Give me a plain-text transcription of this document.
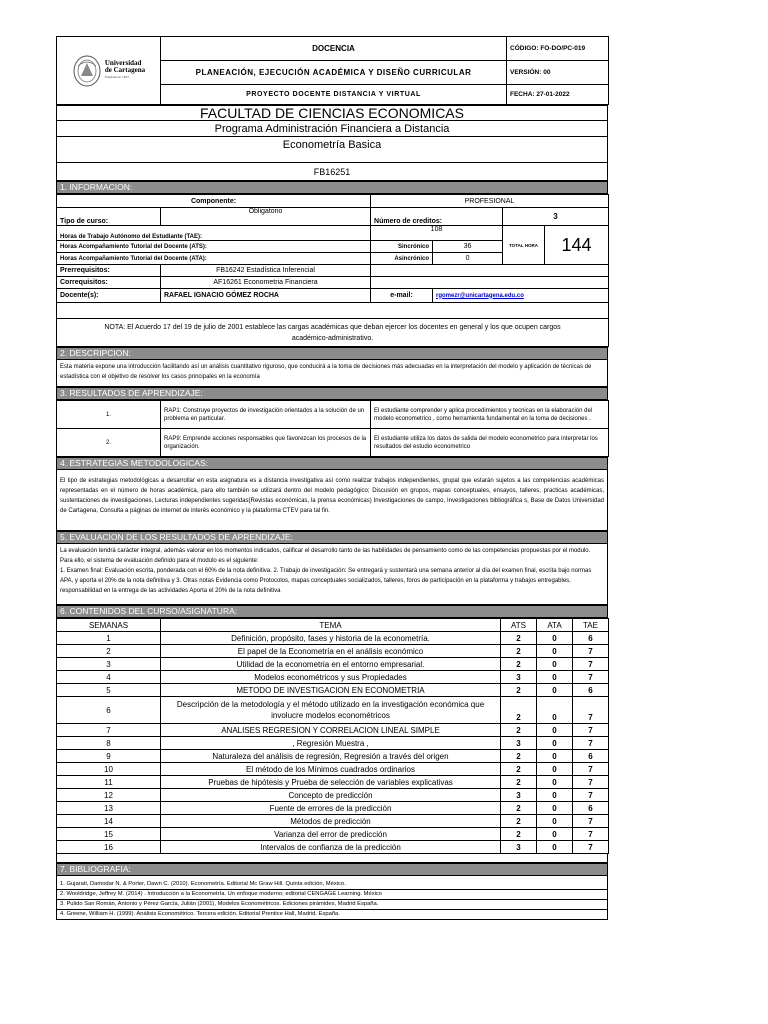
Universidad
de Cartagena
Fundada en 1827	DOCENCIA	CÓDIGO: FO-DO/PC-019
	PLANEACIÓN, EJECUCIÓN ACADÉMICA Y DISEÑO CURRICULAR	VERSIÓN: 00
	PROYECTO DOCENTE DISTANCIA Y VIRTUAL	FECHA: 27-01-2022
FACULTAD DE CIENCIAS ECONOMICAS
Programa Administración Financiera a Distancia
Econometría Basica
FB16251
1. INFORMACION:
Componente:		PROFESIONAL			
Tipo de curso:	Obligatorio	Número de creditos:		3	
Horas de Trabajo Autónomo del Estudiante (TAE):		108		TOTAL HORA	144
Horas Acompañamiento Tutorial del Docente (ATS):		Sincrónico	36		
Horas Acompañamiento Tutorial del Docente (ATA):		Asincrónico	0		
Prerrequisitos:	FB16242 Estadística Inferencial				
Correquisitos:	AF16261 Econometria Financiera				
Docente(s):	RAFAEL IGNACIO GÓMEZ ROCHA	e-mail:	rgomezr@unicartagena.edu.co		

NOTA: El Acuerdo 17 del 19 de julio de 2001 establece las cargas académicas que deban ejercer los docentes en general y los que ocupen cargos académico-administrativo.					
2. DESCRIPCION:
Esta materia expone una introducción facilitando así un análisis cuantitativo riguroso, que conducirá a la toma de decisiones más adecuadas en la interpretación del modelo y aplicación de técnicas de estadística con el objetivo de resolver los casos principales en la economía
3. RESULTADOS DE APRENDIZAJE:
1.	RAP1: Construye proyectos de investigación orientados a la solución de un problema en particular.	El estudiante comprender y aplica procedimientos y tecnicas en la elaboración del modelo econometrico , como herramienta fundamental en la toma de decisiones .
2.	RAP9: Emprende acciones responsables que favorezcan los procesos de la organización.	El estudiante utiliza los datos de salida del modelo econometrico para interpretar los resultados del estudio econometrico
4. ESTRATEGIAS METODOLOGICAS:
El tipo de estrategias metodológicas a desarrollar en esta asignatura es a distancia investigativa así como realizar trabajos independientes, grupal que estarán sujetos a las competencias académicas representadas en el número de horas académica, para ello también se utilizará dentro del modelo pedagógico; Discusión en grupos, mapas conceptuales, ensayos, talleres, practicas académicas, sustentaciones de investigaciones, Lecturas independientes sugeridas(Revistas económicas, la prensa económicas) Investigaciones de campo, Investigaciones bibliográfica s, Base de Datos Universidad de Cartagena, Consulta a páginas de internet de interés económico y la plataforma CTEV para tal fin.
5. EVALUACION DE LOS RESULTADOS DE APRENDIZAJE:
La evaluación tendrá carácter integral, además valorar en los momentos indicados, calificar el desarrollo tanto de las habilidades de pensamiento como de las competencias propuestas por el modulo. Para ello, el sistema de evaluación definido para el modulo es el siguiente:
1. Examen final: Evaluación escrita, ponderada con el 60% de la nota definitiva. 2. Trabajo de investigación: Se entregará y sustentará una semana anterior al día del examen final, escrita bajo normas APA, y aporta el 20% de la nota definitiva y 3. Otras notas Evidencia como Protocolos, mapas conceptuales socializados, talleres, foros de participación en la plataforma y trabajos entregables, responsabilidad en la entrega de las actividades Aporta el 20% de la nota definitiva
6. CONTENIDOS DEL CURSO/ASIGNATURA:
SEMANAS	TEMA	ATS	ATA	TAE
1	Definición, propósito, fases y historia de la econometría.	2	0	6
2	El papel de la Econometría en el análisis económico	2	0	7
3	Utilidad de la econometria en el entorno empresarial.	2	0	7
4	Modelos econométricos y sus Propiedades	3	0	7
5	METODO DE INVESTIGACION EN ECONOMETRIA	2	0	6
6	Descripción de la metodología y el método utilizado en la investigación económica que involucre modelos econométricos	2	0	7
7	ANALISES REGRESION Y CORRELACION LINEAL SIMPLE	2	0	7
8	, Regresión Muestra ,	3	0	7
9	Naturaleza del análisis de regresión, Regresión a través del origen	2	0	6
10	El método de los Mínimos cuadrados ordinarios	2	0	7
11	Pruebas de hipótesis y Prueba de selección de variables explicativas	2	0	7
12	Concepto de predicción	3	0	7
13	Fuente de errores de la predicción	2	0	6
14	Métodos de predicción	2	0	7
15	Varianza del error de predicción	2	0	7
16	Intervalos de confianza de la predicción	3	0	7
7. BIBLIOGRAFIA:
1. Gujarati, Damodar N. & Porter, Dawn C. (2010). Econometría. Editorial Mc Graw Hill. Quinta edición, México.
2. Wooldridge, Jeffrey M. (2014) . Introducción a la Econometría. Un enfoque moderno; editorial CENGAGE Learning. México
3. Pulido San Román, Antonio y Pérez García, Julián (2001), Modelos Econométricos. Ediciones pirámides, Madrid España.
4. Greene, William H. (1999). Análisis Econométrico. Tercera edición. Editorial Prentice Hall, Madrid. España.
